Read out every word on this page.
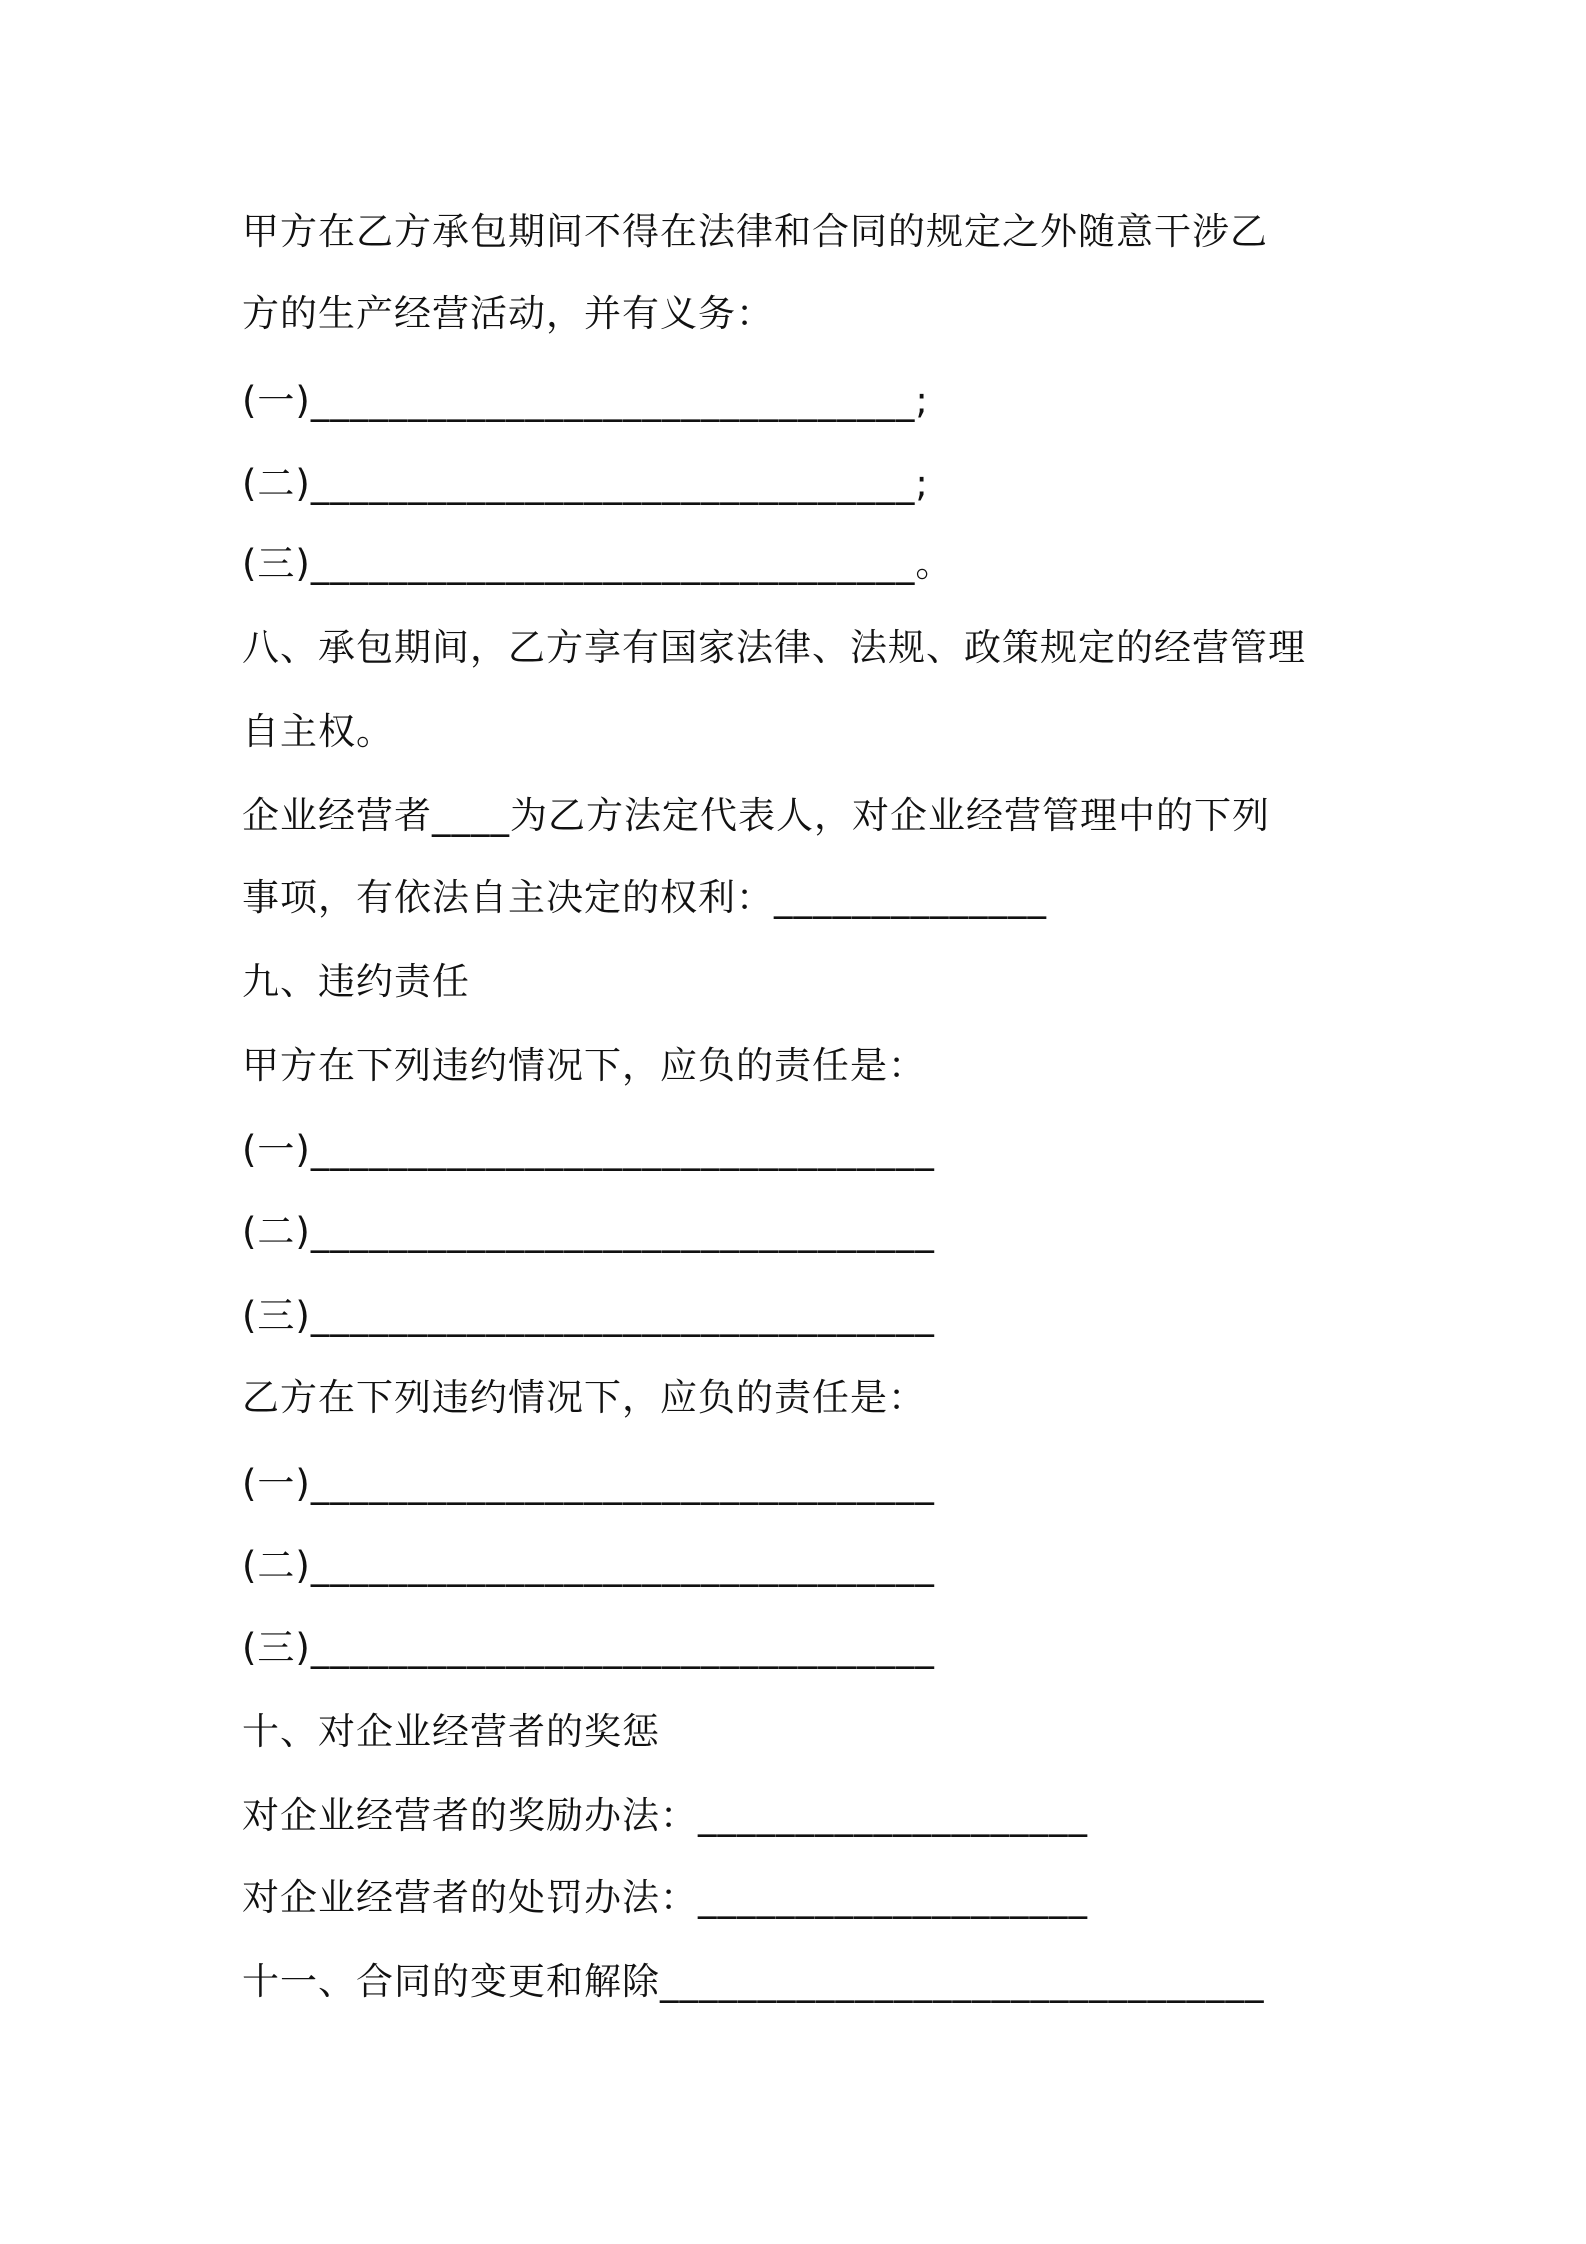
甲方在乙方承包期间不得在法律和合同的规定之外随意干涉乙
方的生产经营活动，并有义务：
(一)_______________________________;
(二)_______________________________;
(三)_______________________________。
八、承包期间，乙方享有国家法律、法规、政策规定的经营管理
自主权。
企业经营者____为乙方法定代表人，对企业经营管理中的下列
事项，有依法自主决定的权利：______________
九、违约责任
甲方在下列违约情况下，应负的责任是：
(一)________________________________
(二)________________________________
(三)________________________________
乙方在下列违约情况下，应负的责任是：
(一)________________________________
(二)________________________________
(三)________________________________
十、对企业经营者的奖惩
对企业经营者的奖励办法：____________________
对企业经营者的处罚办法：____________________
十一、合同的变更和解除_______________________________
